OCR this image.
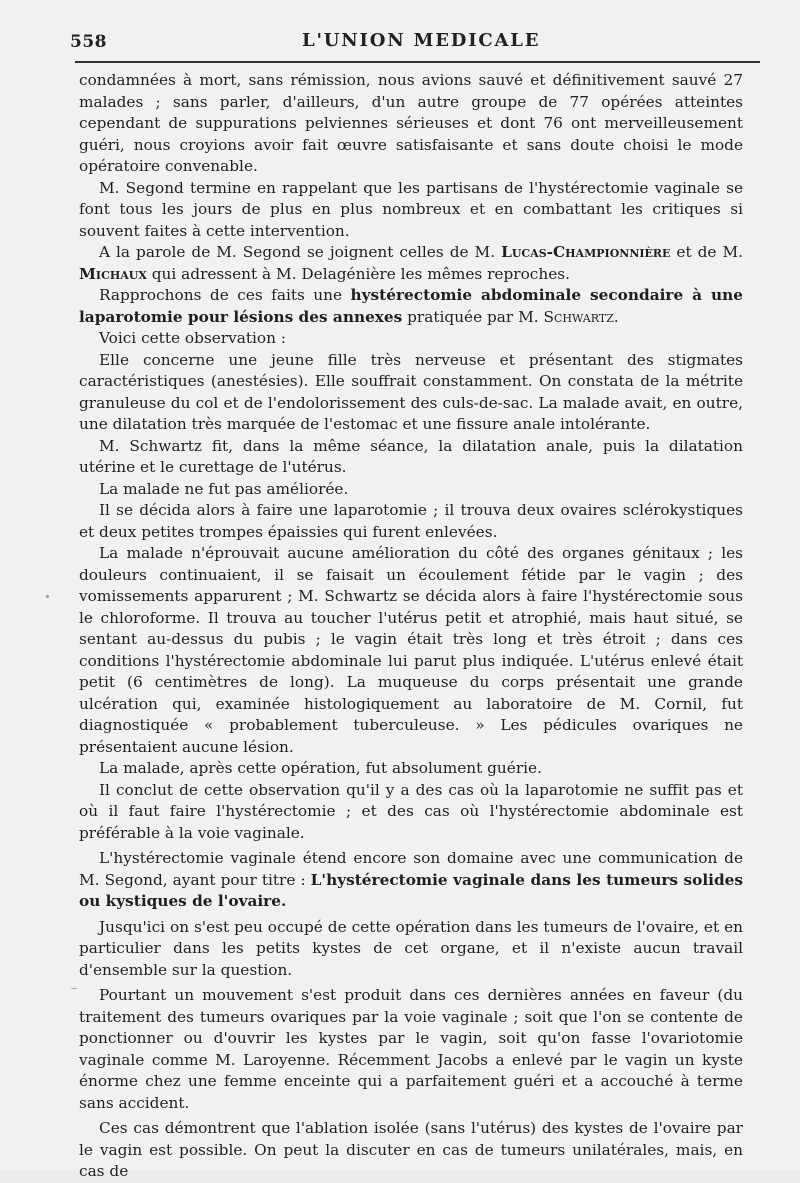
558	L'UNION MEDICALE

condamnées à mort, sans rémission, nous avions sauvé et définitivement sauvé 27 malades ; sans parler, d'ailleurs, d'un autre groupe de 77 opérées atteintes cependant de suppurations pelviennes sérieuses et dont 76 ont merveilleusement guéri, nous croyions avoir fait œuvre satisfaisante et sans doute choisi le mode opératoire convenable.

M. Segond termine en rappelant que les partisans de l'hystérectomie vaginale se font tous les jours de plus en plus nombreux et en combattant les critiques si souvent faites à cette intervention.

A la parole de M. Segond se joignent celles de M. Lucas-Championnière et de M. Michaux qui adressent à M. Delagénière les mêmes reproches.

Rapprochons de ces faits une hystérectomie abdominale secondaire à une laparotomie pour lésions des annexes pratiquée par M. Schwartz.

Voici cette observation :

Elle concerne une jeune fille très nerveuse et présentant des stigmates caractéristiques (anestésies). Elle souffrait constamment. On constata de la métrite granuleuse du col et de l'endolorissement des culs-de-sac. La malade avait, en outre, une dilatation très marquée de l'estomac et une fissure anale intolérante.

M. Schwartz fit, dans la même séance, la dilatation anale, puis la dilatation utérine et le curettage de l'utérus.

La malade ne fut pas améliorée.

Il se décida alors à faire une laparotomie ; il trouva deux ovaires sclérokystiques et deux petites trompes épaissies qui furent enlevées.

La malade n'éprouvait aucune amélioration du côté des organes génitaux ; les douleurs continuaient, il se faisait un écoulement fétide par le vagin ; des vomissements apparurent ; M. Schwartz se décida alors à faire l'hystérectomie sous le chloroforme. Il trouva au toucher l'utérus petit et atrophié, mais haut situé, se sentant au-dessus du pubis ; le vagin était très long et très étroit ; dans ces conditions l'hystérectomie abdominale lui parut plus indiquée. L'utérus enlevé était petit (6 centimètres de long). La muqueuse du corps présentait une grande ulcération qui, examinée histologiquement au laboratoire de M. Cornil, fut diagnostiquée « probablement tuberculeuse. » Les pédicules ovariques ne présentaient aucune lésion.

La malade, après cette opération, fut absolument guérie.

Il conclut de cette observation qu'il y a des cas où la laparotomie ne suffit pas et où il faut faire l'hystérectomie ; et des cas où l'hystérectomie abdominale est préférable à la voie vaginale.

L'hystérectomie vaginale étend encore son domaine avec une communication de M. Segond, ayant pour titre : L'hystérectomie vaginale dans les tumeurs solides ou kystiques de l'ovaire.

Jusqu'ici on s'est peu occupé de cette opération dans les tumeurs de l'ovaire, et en particulier dans les petits kystes de cet organe, et il n'existe aucun travail d'ensemble sur la question.

Pourtant un mouvement s'est produit dans ces dernières années en faveur (du traitement des tumeurs ovariques par la voie vaginale ; soit que l'on se contente de ponctionner ou d'ouvrir les kystes par le vagin, soit qu'on fasse l'ovariotomie vaginale comme M. Laroyenne. Récemment Jacobs a enlevé par le vagin un kyste énorme chez une femme enceinte qui a parfaitement guéri et a accouché à terme sans accident.

Ces cas démontrent que l'ablation isolée (sans l'utérus) des kystes de l'ovaire par le vagin est possible. On peut la discuter en cas de tumeurs unilatérales, mais, en cas de
